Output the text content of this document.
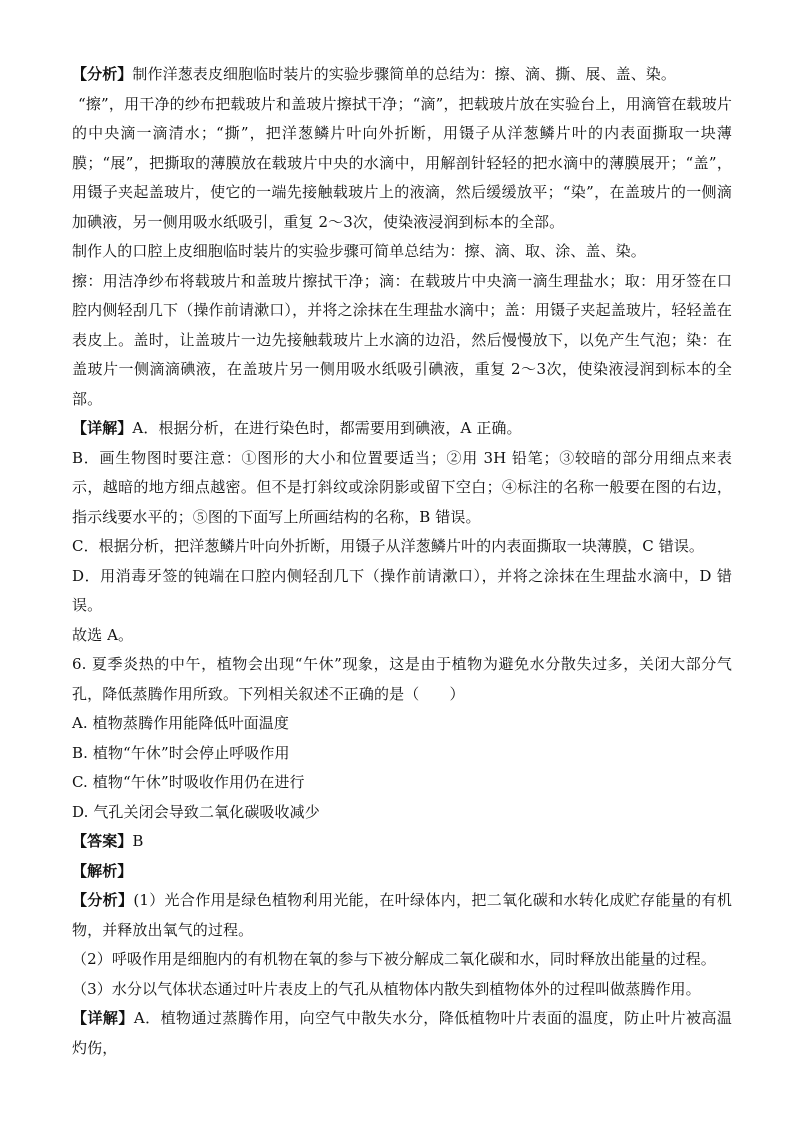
【分析】制作洋葱表皮细胞临时装片的实验步骤简单的总结为：擦、滴、撕、展、盖、染。

“擦”，用干净的纱布把载玻片和盖玻片擦拭干净；“滴”，把载玻片放在实验台上，用滴管在载玻片的中央滴一滴清水；“撕”，把洋葱鳞片叶向外折断，用镊子从洋葱鳞片叶的内表面撕取一块薄膜；“展”，把撕取的薄膜放在载玻片中央的水滴中，用解剖针轻轻的把水滴中的薄膜展开；“盖”，用镊子夹起盖玻片，使它的一端先接触载玻片上的液滴，然后缓缓放平；“染”，在盖玻片的一侧滴加碘液，另一侧用吸水纸吸引，重复 2～3次，使染液浸润到标本的全部。

制作人的口腔上皮细胞临时装片的实验步骤可简单总结为：擦、滴、取、涂、盖、染。

擦：用洁净纱布将载玻片和盖玻片擦拭干净；滴：在载玻片中央滴一滴生理盐水；取：用牙签在口腔内侧轻刮几下（操作前请漱口），并将之涂抹在生理盐水滴中；盖：用镊子夹起盖玻片，轻轻盖在表皮上。盖时，让盖玻片一边先接触载玻片上水滴的边沿，然后慢慢放下，以免产生气泡；染：在盖玻片一侧滴滴碘液，在盖玻片另一侧用吸水纸吸引碘液，重复 2～3次，使染液浸润到标本的全部。

【详解】A．根据分析，在进行染色时，都需要用到碘液，A 正确。

B．画生物图时要注意：①图形的大小和位置要适当；②用 3H 铅笔；③较暗的部分用细点来表示，越暗的地方细点越密。但不是打斜纹或涂阴影或留下空白；④标注的名称一般要在图的右边，指示线要水平的；⑤图的下面写上所画结构的名称，B 错误。

C．根据分析，把洋葱鳞片叶向外折断，用镊子从洋葱鳞片叶的内表面撕取一块薄膜，C 错误。

D．用消毒牙签的钝端在口腔内侧轻刮几下（操作前请漱口），并将之涂抹在生理盐水滴中，D 错误。

故选 A。

6. 夏季炎热的中午，植物会出现“午休”现象，这是由于植物为避免水分散失过多，关闭大部分气孔，降低蒸腾作用所致。下列相关叙述不正确的是（　　）

A. 植物蒸腾作用能降低叶面温度

B. 植物“午休”时会停止呼吸作用

C. 植物“午休”时吸收作用仍在进行

D. 气孔关闭会导致二氧化碳吸收减少

【答案】B

【解析】

【分析】(1）光合作用是绿色植物利用光能，在叶绿体内，把二氧化碳和水转化成贮存能量的有机物，并释放出氧气的过程。

（2）呼吸作用是细胞内的有机物在氧的参与下被分解成二氧化碳和水，同时释放出能量的过程。

（3）水分以气体状态通过叶片表皮上的气孔从植物体内散失到植物体外的过程叫做蒸腾作用。

【详解】A．植物通过蒸腾作用，向空气中散失水分，降低植物叶片表面的温度，防止叶片被高温灼伤，
